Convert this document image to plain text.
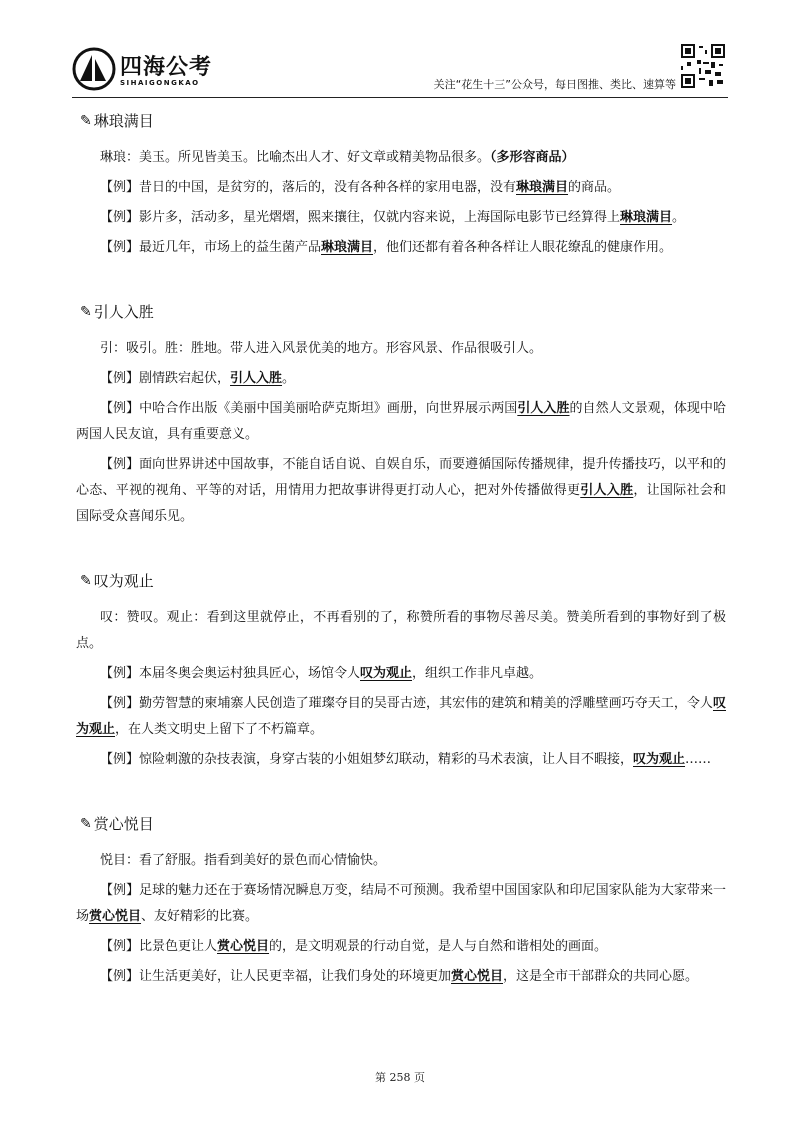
四海公考
SIHAIGONGKAO	关注“花生十三”公众号，每日图推、类比、速算等
✎ 琳琅满目

琳琅：美玉。所见皆美玉。比喻杰出人才、好文章或精美物品很多。（多形容商品）

【例】昔日的中国，是贫穷的，落后的，没有各种各样的家用电器，没有琳琅满目的商品。

【例】影片多，活动多，星光熠熠，熙来攘往，仅就内容来说，上海国际电影节已经算得上琳琅满目。

【例】最近几年，市场上的益生菌产品琳琅满目，他们还都有着各种各样让人眼花缭乱的健康作用。

✎ 引人入胜

引：吸引。胜：胜地。带人进入风景优美的地方。形容风景、作品很吸引人。

【例】剧情跌宕起伏，引人入胜。

【例】中哈合作出版《美丽中国美丽哈萨克斯坦》画册，向世界展示两国引人入胜的自然人文景观，体现中哈两国人民友谊，具有重要意义。

【例】面向世界讲述中国故事，不能自话自说、自娱自乐，而要遵循国际传播规律，提升传播技巧，以平和的心态、平视的视角、平等的对话，用情用力把故事讲得更打动人心，把对外传播做得更引人入胜，让国际社会和国际受众喜闻乐见。

✎ 叹为观止

叹：赞叹。观止：看到这里就停止，不再看别的了，称赞所看的事物尽善尽美。赞美所看到的事物好到了极点。

【例】本届冬奥会奥运村独具匠心，场馆令人叹为观止，组织工作非凡卓越。

【例】勤劳智慧的柬埔寨人民创造了璀璨夺目的吴哥古迹，其宏伟的建筑和精美的浮雕壁画巧夺天工，令人叹为观止，在人类文明史上留下了不朽篇章。

【例】惊险刺激的杂技表演，身穿古装的小姐姐梦幻联动，精彩的马术表演，让人目不暇接，叹为观止……

✎ 赏心悦目

悦目：看了舒服。指看到美好的景色而心情愉快。

【例】足球的魅力还在于赛场情况瞬息万变，结局不可预测。我希望中国国家队和印尼国家队能为大家带来一场赏心悦目、友好精彩的比赛。

【例】比景色更让人赏心悦目的，是文明观景的行动自觉，是人与自然和谐相处的画面。

【例】让生活更美好，让人民更幸福，让我们身处的环境更加赏心悦目，这是全市干部群众的共同心愿。

第 258 页
